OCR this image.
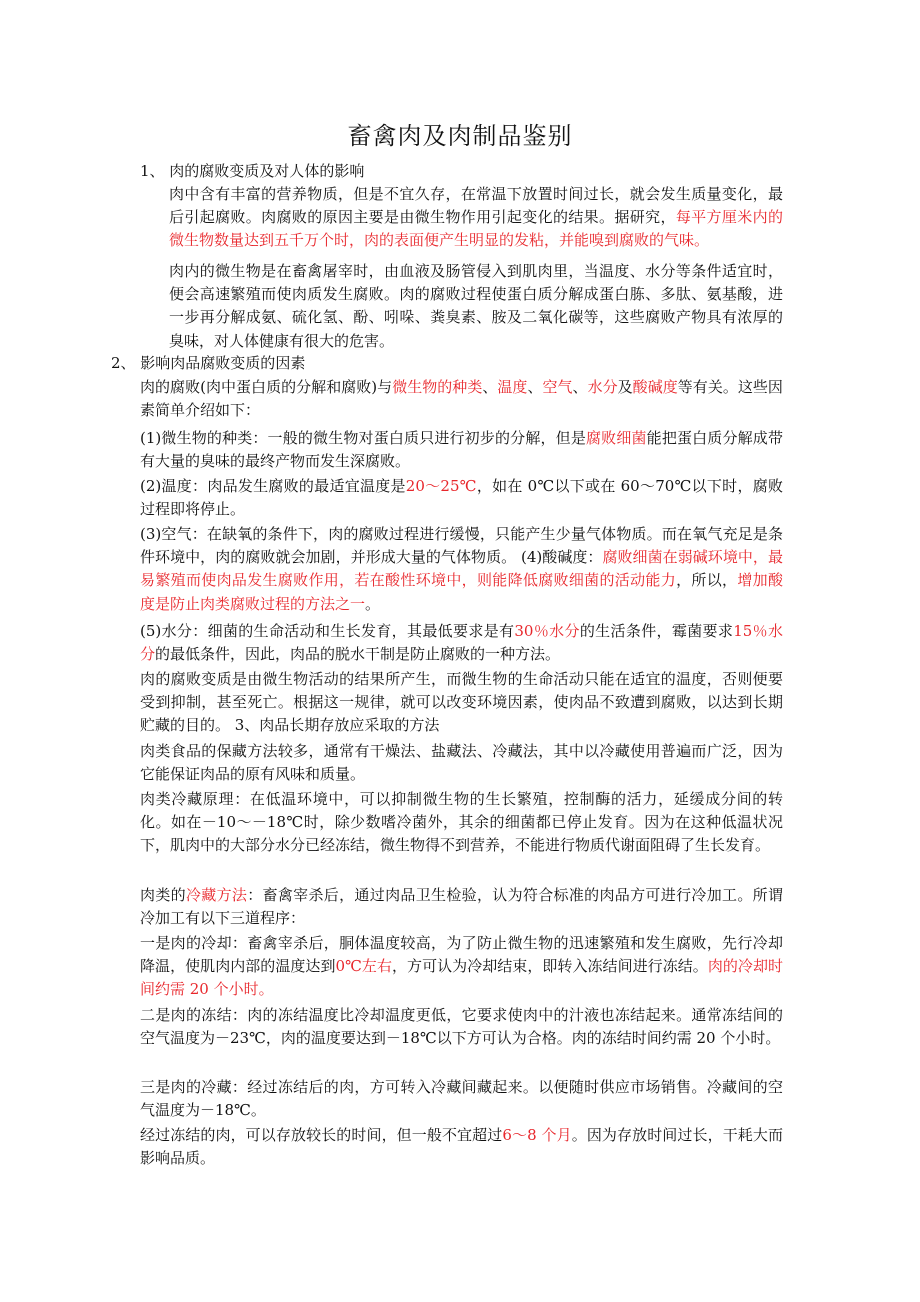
畜禽肉及肉制品鉴别
1、 肉的腐败变质及对人体的影响
肉中含有丰富的营养物质，但是不宜久存，在常温下放置时间过长，就会发生质量变化，最后引起腐败。肉腐败的原因主要是由微生物作用引起变化的结果。据研究，每平方厘米内的微生物数量达到五千万个时，肉的表面便产生明显的发粘，并能嗅到腐败的气味。
肉内的微生物是在畜禽屠宰时，由血液及肠管侵入到肌肉里，当温度、水分等条件适宜时，便会高速繁殖而使肉质发生腐败。肉的腐败过程使蛋白质分解成蛋白胨、多肽、氨基酸，进一步再分解成氨、硫化氢、酚、吲哚、粪臭素、胺及二氧化碳等，这些腐败产物具有浓厚的臭味，对人体健康有很大的危害。
2、 影响肉品腐败变质的因素
肉的腐败(肉中蛋白质的分解和腐败)与微生物的种类、温度、空气、水分及酸碱度等有关。这些因素简单介绍如下：
(1)微生物的种类：一般的微生物对蛋白质只进行初步的分解，但是腐败细菌能把蛋白质分解成带有大量的臭味的最终产物而发生深腐败。
(2)温度：肉品发生腐败的最适宜温度是20～25℃，如在 0℃以下或在 60～70℃以下时，腐败过程即将停止。
(3)空气：在缺氧的条件下，肉的腐败过程进行缓慢，只能产生少量气体物质。而在氧气充足是条件环境中，肉的腐败就会加剧，并形成大量的气体物质。 (4)酸碱度：腐败细菌在弱碱环境中，最易繁殖而使肉品发生腐败作用，若在酸性环境中，则能降低腐败细菌的活动能力，所以，增加酸度是防止肉类腐败过程的方法之一。
(5)水分：细菌的生命活动和生长发育，其最低要求是有30％水分的生活条件，霉菌要求15％水分的最低条件，因此，肉品的脱水干制是防止腐败的一种方法。
肉的腐败变质是由微生物活动的结果所产生，而微生物的生命活动只能在适宜的温度，否则便要受到抑制，甚至死亡。根据这一规律，就可以改变环境因素，使肉品不致遭到腐败，以达到长期贮藏的目的。 3、肉品长期存放应采取的方法
肉类食品的保藏方法较多，通常有干燥法、盐藏法、冷藏法，其中以冷藏使用普遍而广泛，因为它能保证肉品的原有风味和质量。
肉类冷藏原理：在低温环境中，可以抑制微生物的生长繁殖，控制酶的活力，延缓成分间的转化。如在－10～－18℃时，除少数嗜冷菌外，其余的细菌都已停止发育。因为在这种低温状况下，肌肉中的大部分水分已经冻结，微生物得不到营养，不能进行物质代谢面阻碍了生长发育。
肉类的冷藏方法：畜禽宰杀后，通过肉品卫生检验，认为符合标准的肉品方可进行冷加工。所谓冷加工有以下三道程序：
一是肉的冷却：畜禽宰杀后，胴体温度较高，为了防止微生物的迅速繁殖和发生腐败，先行冷却降温，使肌肉内部的温度达到0℃左右，方可认为冷却结束，即转入冻结间进行冻结。肉的冷却时间约需 20 个小时。
二是肉的冻结：肉的冻结温度比冷却温度更低，它要求使肉中的汁液也冻结起来。通常冻结间的空气温度为－23℃，肉的温度要达到－18℃以下方可认为合格。肉的冻结时间约需 20 个小时。
三是肉的冷藏：经过冻结后的肉，方可转入冷藏间藏起来。以便随时供应市场销售。冷藏间的空气温度为－18℃。
经过冻结的肉，可以存放较长的时间，但一般不宜超过6～8 个月。因为存放时间过长，干耗大而影响品质。
